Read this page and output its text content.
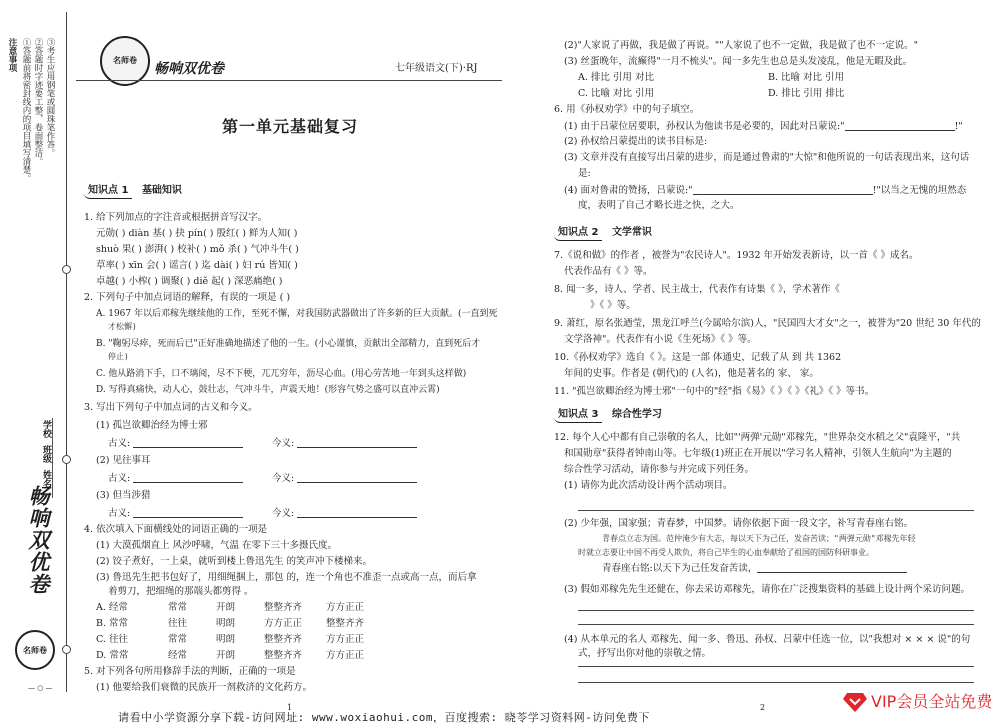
注意事项 ①答题前将密封线内的项目填写清楚。 ②答题时字迹要工整，卷面整洁。 ③考生应用钢笔或圆珠笔作答。
学校
班级
姓名
畅响双优卷
名师卷
— ○ —
名师卷
畅响双优卷	七年级语文(下)·RJ
第一单元基础复习
知识点 1 基础知识
1. 给下列加点的字注音或根据拼音写汉字。
元勋( ) diàn 基( ) 抉 pín( ) 殷红( ) 鲜为人知( )
shuò 果( ) 澎湃( ) 校补( ) mǒ 杀( ) 气冲斗牛( )
草率( ) xīn 会( ) 谣言( ) 迄 dài( ) 妇 rú 皆知( )
卓越( ) 小榨( ) 调聚( ) diě 起( ) 深恶痛绝( )
2. 下列句子中加点词语的解释，有误的一项是 ( )
A. 1967 年以后邓稼先继续他的工作，至死不懈，对我国防武器做出了许多新的巨大贡献。(一直到死
才松懈)
B. "鞠躬尽瘁，死而后已"正好准确地描述了他的一生。(小心谨慎，贡献出全部精力，直到死后才
停止)
C. 他从路消下手，口不璃阅，尽不下梗，兀兀穷年，沥尽心血。(用心劳苦地一年到头这样做)
D. 写得真痛快，动人心，鼓壮志，气冲斗牛，声震天地！(形容气势之盛可以直冲云霄)
3. 写出下列句子中加点词的古义和今义。
(1) 孤岂欲卿治经为博士邪
古义:	今义:
(2) 见往事耳
古义:	今义:
(3) 但当涉猎
古义:	今义:
4. 依次填入下面横线处的词语正确的一项是
(1) 大漠孤烟直上 风沙呼啸，气温 在零下三十多摄氏度。
(2) 饺子煮好，一上桌，就听到楼上鲁迅先生 的笑声冲下楼梯来。
(3) 鲁迅先生把书包好了，用细绳捆上，那包 的，连一个角也不准歪一点或高一点，而后拿
着剪刀，把细绳的那端头都剪得 。
A. 经常	常常	开朗	整整齐齐	方方正正
B. 常常	往往	明朗	方方正正	整整齐齐
C. 往往	常常	明朗	整整齐齐	方方正正
D. 常常	经常	开朗	整整齐齐	方方正正
5. 对下列各句所用修辞手法的判断，正确的一项是
(1) 他要给我们衰微的民族开一剂救济的文化药方。
(2)"人家说了再做，我是做了再说。""人家说了也不一定做，我是做了也不一定说。"
(3) 丝蛋晚年，流癫得"一月不梳头"。闻一多先生也总是头发凌乱，他是无暇及此。
A. 排比 引用 对比	B. 比喻 对比 引用
C. 比喻 对比 引用	D. 排比 引用 排比
6. 用《孙权劝学》中的句子填空。
(1) 由于吕蒙位居要职，孙权认为他读书是必要的，因此对吕蒙说:"	!"
(2) 孙权给吕蒙提出的读书目标是:
(3) 文章并没有直接写出吕蒙的进步，而是通过鲁肃的"大惊"和他所说的一句话表现出来，这句话
是:
(4) 面对鲁肃的赞扬，吕蒙说:"	!"以当之无愧的坦然态
度，表明了自己才略长进之快，之大。
知识点 2 文学常识
7.《说和做》的作者 ，被誉为"农民诗人"。1932 年开始发表新诗，以一首《 》成名。
代表作品有《 》等。
8. 闻一多，诗人、学者、民主战士，代表作有诗集《 》，学术著作《
》《 》等。
9. 萧红，原名张迺莹，黑龙江呼兰(今属哈尔滨)人，"民国四大才女"之一，被誉为"20 世纪 30 年代的
文学洛神"。代表作有小说《生死场》《 》等。
10.《孙权劝学》选自《 》。这是一部 体通史，记载了从 到 共 1362
年间的史事。作者是 (朝代)的 (人名)，他是著名的 家、 家。
11. "孤岂欲卿治经为博士邪"一句中的"经"指《易》《 》《 》《礼》《 》等书。
知识点 3 综合性学习
12. 每个人心中都有自己崇敬的名人，比如"'两弹'元勋"邓稼先，"世界杂交水稻之父"袁隆平，"共
和国勋章"获得者钟南山等。七年级(1)班正在开展以"学习名人精神，引领人生航向"为主题的
综合性学习活动，请你参与并完成下列任务。
(1) 请你为此次活动设计两个活动项目。
(2) 少年强，国家强；青春梦，中国梦。请你依据下面一段文字，补写青春座右铭。
青春点立志为国。范仲淹少有大志，每以天下为己任，发奋苦读；"两弹元勋"邓稼先年轻
时就立志要让中国不再受人欺负，将自己毕生的心血奉献给了祖国的国防科研事业。
青春座右铭:以天下为己任发奋苦读，
(3) 假如邓稼先先生还健在，你去采访邓稼先，请你在广泛搜集资料的基础上设计两个采访问题。
(4) 从本单元的名人 邓稼先、闻一多、鲁迅、孙权、吕蒙中任选一位，以"我想对 × × × 说"的句
式，抒写出你对他的崇敬之情。
1	2
请看中小学资源分享下载-访问网址: www.woxiaohui.com，百度搜索: 晓苓学习资料网-访问免费下
VIP会员全站免费
